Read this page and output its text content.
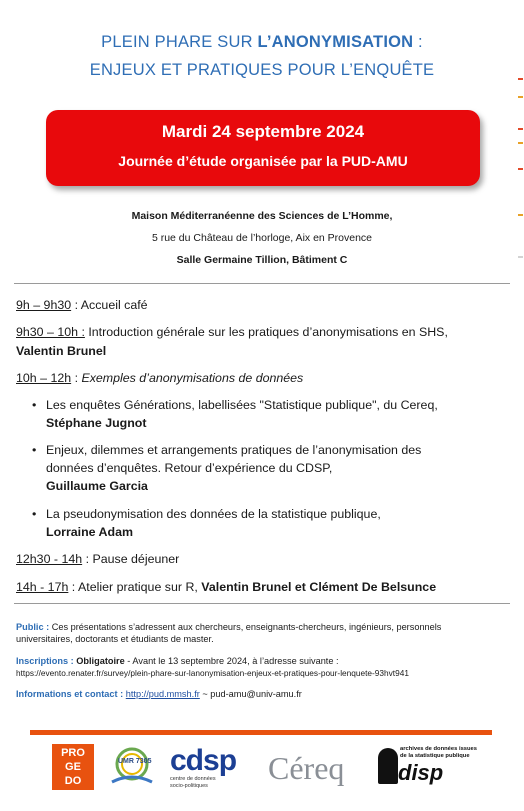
PLEIN PHARE SUR L’ANONYMISATION :
ENJEUX ET PRATIQUES POUR L’ENQUÊTE
Mardi 24 septembre 2024
Journée d’étude organisée par la PUD-AMU
Maison Méditerranéenne des Sciences de L’Homme,
5 rue du Château de l’horloge, Aix en Provence
Salle Germaine Tillion, Bâtiment C
9h – 9h30 : Accueil café
9h30 – 10h : Introduction générale sur les pratiques d’anonymisations en SHS,
Valentin Brunel
10h – 12h : Exemples d’anonymisations de données
• Les enquêtes Générations, labellisées "Statistique publique", du Cereq,
Stéphane Jugnot
• Enjeux, dilemmes et arrangements pratiques de l’anonymisation des
données d’enquêtes. Retour d’expérience du CDSP,
Guillaume Garcia
• La pseudonymisation des données de la statistique publique,
Lorraine Adam
12h30 - 14h : Pause déjeuner
14h - 17h : Atelier pratique sur R, Valentin Brunel et Clément De Belsunce
Public : Ces présentations s’adressent aux chercheurs, enseignants-chercheurs, ingénieurs, personnels
universitaires, doctorants et étudiants de master.
Inscriptions : Obligatoire - Avant le 13 septembre 2024, à l’adresse suivante :
https://evento.renater.fr/survey/plein-phare-sur-lanonymisation-enjeux-et-pratiques-pour-lenquete-93hvt941
Informations et contact : http://pud.mmsh.fr ~ pud-amu@univ-amu.fr
PRO
GE
DO
UMR 7305 cdsp
centre de données
socio-politiques	Céreq
archives de données issues
de la statistique publique
disp
